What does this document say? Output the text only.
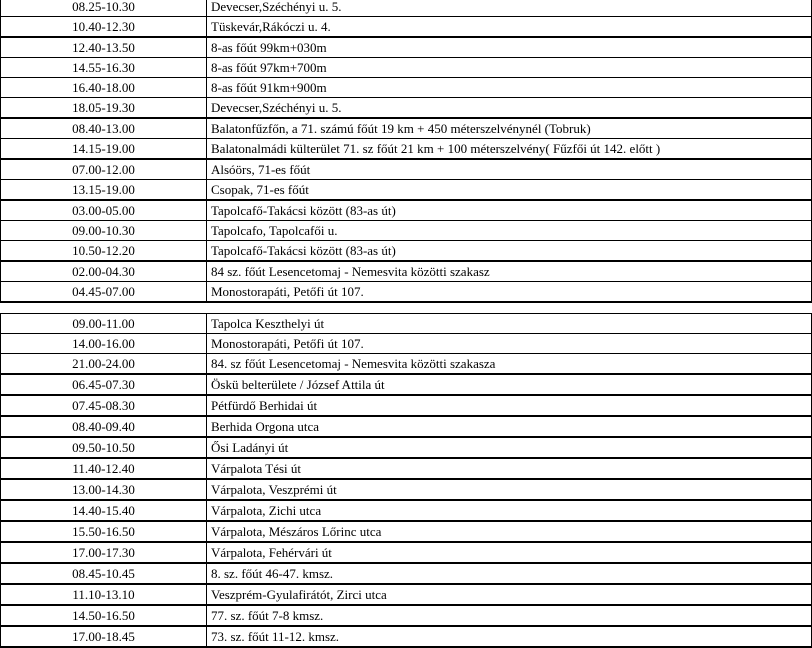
08.25-10.30	Devecser,Széchényi u. 5.
10.40-12.30	Tüskevár,Rákóczi u. 4.
12.40-13.50	8-as főút 99km+030m
14.55-16.30	8-as főút 97km+700m
16.40-18.00	8-as főút 91km+900m
18.05-19.30	Devecser,Széchényi u. 5.
08.40-13.00	Balatonfűzfőn, a 71. számú főút 19 km + 450 méterszelvénynél (Tobruk)
14.15-19.00	Balatonalmádi külterület 71. sz főút 21 km + 100 méterszelvény( Fűzfői út 142. előtt )
07.00-12.00	Alsóörs, 71-es főút
13.15-19.00	Csopak, 71-es főút
03.00-05.00	Tapolcafő-Takácsi között (83-as út)
09.00-10.30	Tapolcafo, Tapolcafői u.
10.50-12.20	Tapolcafő-Takácsi között (83-as út)
02.00-04.30	84 sz. főút Lesencetomaj - Nemesvita közötti szakasz
04.45-07.00	Monostorapáti, Petőfi út 107.
09.00-11.00	Tapolca Keszthelyi út
14.00-16.00	Monostorapáti, Petőfi út 107.
21.00-24.00	84. sz főút Lesencetomaj - Nemesvita közötti szakasza
06.45-07.30	Öskü belterülete / József Attila út
07.45-08.30	Pétfürdő Berhidai út
08.40-09.40	Berhida Orgona utca
09.50-10.50	Ősi Ladányi út
11.40-12.40	Várpalota Tési út
13.00-14.30	Várpalota, Veszprémi út
14.40-15.40	Várpalota, Zichi utca
15.50-16.50	Várpalota, Mészáros Lőrinc utca
17.00-17.30	Várpalota, Fehérvári út
08.45-10.45	8. sz. főút 46-47. kmsz.
11.10-13.10	Veszprém-Gyulafirátót, Zirci utca
14.50-16.50	77. sz. főút 7-8 kmsz.
17.00-18.45	73. sz. főút 11-12. kmsz.
